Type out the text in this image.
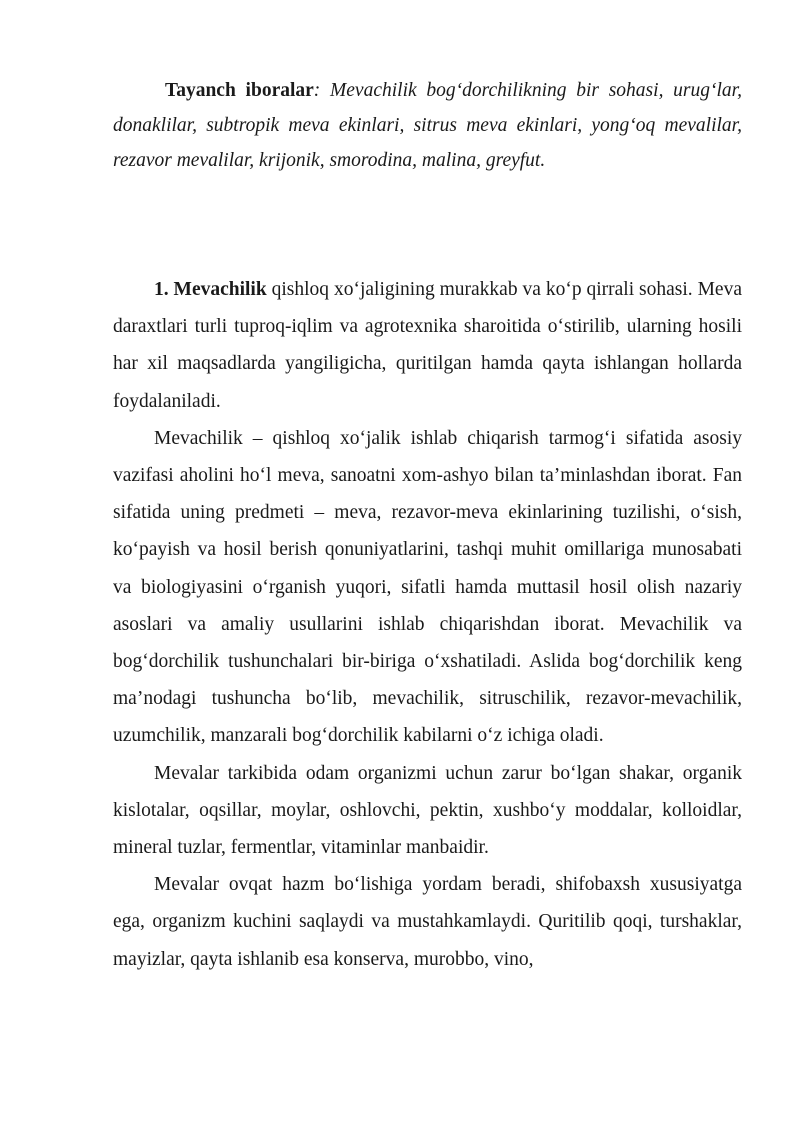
Tayanch iboralar: Mevachilik bog‘dorchilikning bir sohasi, urug‘lar, donaklilar, subtropik meva ekinlari, sitrus meva ekinlari, yong‘oq mevalilar, rezavor mevalilar, krijonik, smorodina, malina, greyfut.

1. Mevachilik qishloq xo‘jaligining murakkab va ko‘p qirrali sohasi. Meva daraxtlari turli tuproq-iqlim va agrotexnika sharoitida o‘stirilib, ularning hosili har xil maqsadlarda yangiligicha, quritilgan hamda qayta ishlangan hollarda foydalaniladi.

Mevachilik – qishloq xo‘jalik ishlab chiqarish tarmog‘i sifatida asosiy vazifasi aholini ho‘l meva, sanoatni xom-ashyo bilan ta’minlashdan iborat. Fan sifatida uning predmeti – meva, rezavor-meva ekinlarining tuzilishi, o‘sish, ko‘payish va hosil berish qonuniyatlarini, tashqi muhit omillariga munosabati va biologiyasini o‘rganish yuqori, sifatli hamda muttasil hosil olish nazariy asoslari va amaliy usullarini ishlab chiqarishdan iborat. Mevachilik va bog‘dorchilik tushunchalari bir-biriga o‘xshatiladi. Aslida bog‘dorchilik keng ma’nodagi tushuncha bo‘lib, mevachilik, sitruschilik, rezavor-mevachilik, uzumchilik, manzarali bog‘dorchilik kabilarni o‘z ichiga oladi.

Mevalar tarkibida odam organizmi uchun zarur bo‘lgan shakar, organik kislotalar, oqsillar, moylar, oshlovchi, pektin, xushbo‘y moddalar, kolloidlar, mineral tuzlar, fermentlar, vitaminlar manbaidir.

Mevalar ovqat hazm bo‘lishiga yordam beradi, shifobaxsh xususiyatga ega, organizm kuchini saqlaydi va mustahkamlaydi. Quritilib qoqi, turshaklar, mayizlar, qayta ishlanib esa konserva, murobbo, vino,
